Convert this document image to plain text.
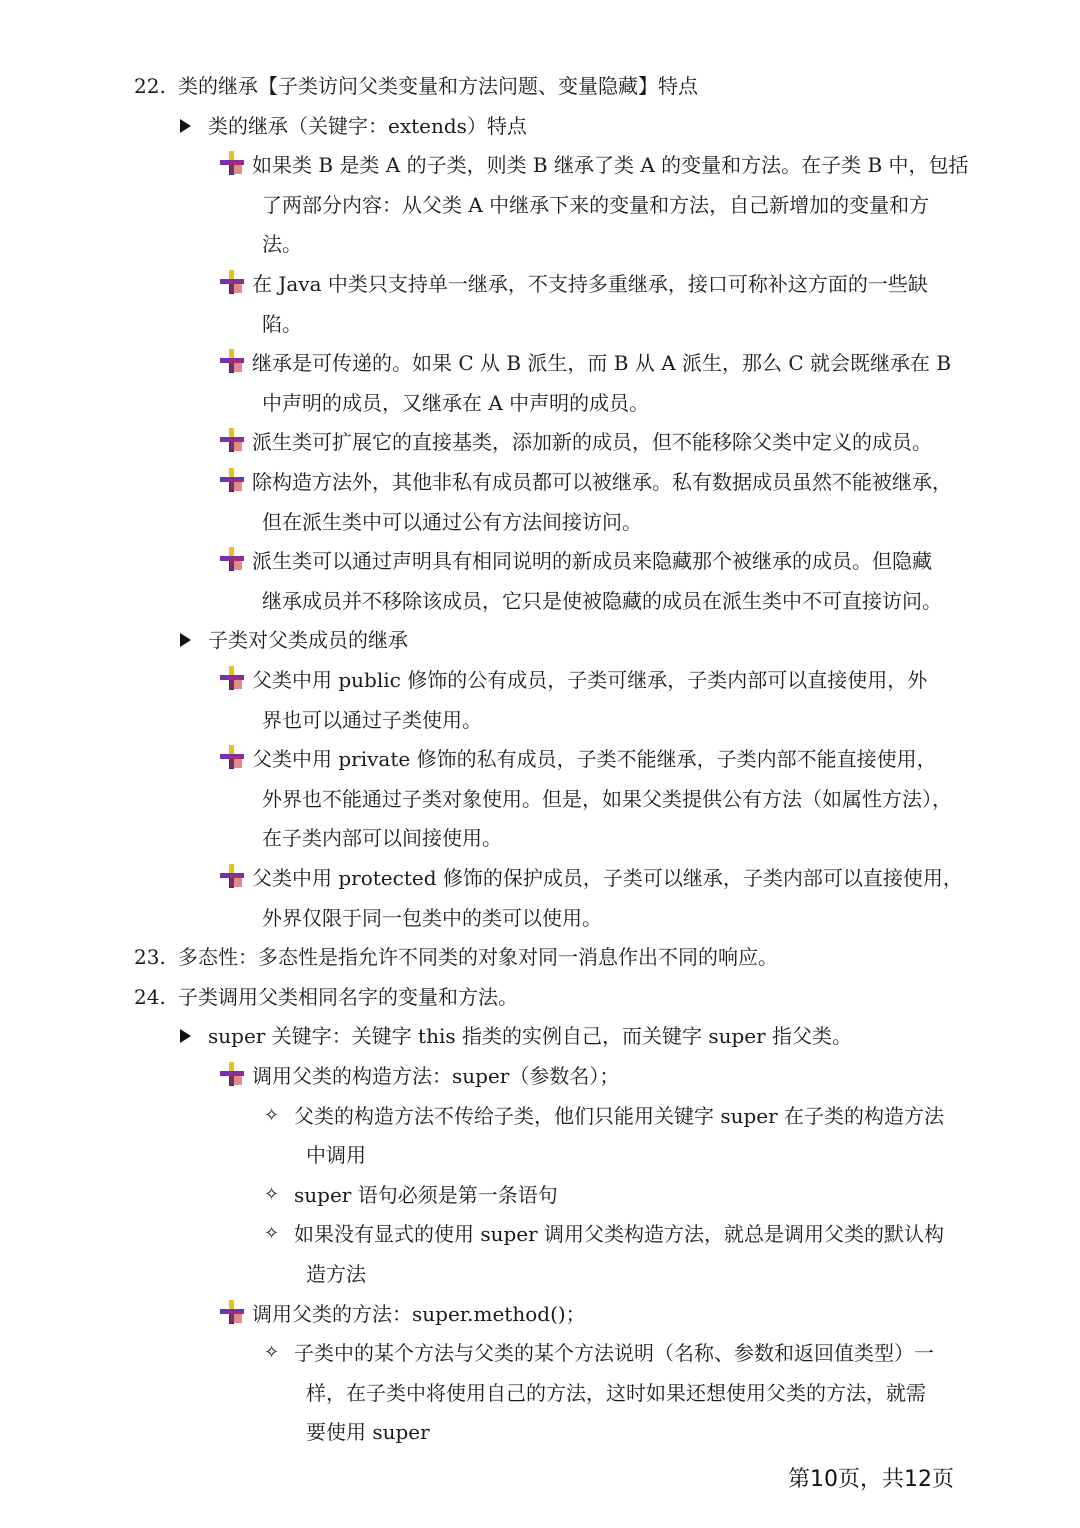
22. 类的继承【子类访问父类变量和方法问题、变量隐藏】特点
类的继承（关键字：extends）特点
如果类 B 是类 A 的子类，则类 B 继承了类 A 的变量和方法。在子类 B 中，包括
了两部分内容：从父类 A 中继承下来的变量和方法，自己新增加的变量和方
法。
在 Java 中类只支持单一继承，不支持多重继承，接口可称补这方面的一些缺
陷。
继承是可传递的。如果 C 从 B 派生，而 B 从 A 派生，那么 C 就会既继承在 B
中声明的成员，又继承在 A 中声明的成员。
派生类可扩展它的直接基类，添加新的成员，但不能移除父类中定义的成员。
除构造方法外，其他非私有成员都可以被继承。私有数据成员虽然不能被继承，
但在派生类中可以通过公有方法间接访问。
派生类可以通过声明具有相同说明的新成员来隐藏那个被继承的成员。但隐藏
继承成员并不移除该成员，它只是使被隐藏的成员在派生类中不可直接访问。
子类对父类成员的继承
父类中用 public 修饰的公有成员，子类可继承，子类内部可以直接使用，外
界也可以通过子类使用。
父类中用 private 修饰的私有成员，子类不能继承，子类内部不能直接使用，
外界也不能通过子类对象使用。但是，如果父类提供公有方法（如属性方法），
在子类内部可以间接使用。
父类中用 protected 修饰的保护成员，子类可以继承，子类内部可以直接使用，
外界仅限于同一包类中的类可以使用。
23. 多态性：多态性是指允许不同类的对象对同一消息作出不同的响应。
24. 子类调用父类相同名字的变量和方法。
super 关键字：关键字 this 指类的实例自己，而关键字 super 指父类。
调用父类的构造方法：super（参数名）；
✧ 父类的构造方法不传给子类，他们只能用关键字 super 在子类的构造方法
中调用
✧ super 语句必须是第一条语句
✧ 如果没有显式的使用 super 调用父类构造方法，就总是调用父类的默认构
造方法
调用父类的方法：super.method()；
✧ 子类中的某个方法与父类的某个方法说明（名称、参数和返回值类型）一
样，在子类中将使用自己的方法，这时如果还想使用父类的方法，就需
要使用 super
第10页，共12页
